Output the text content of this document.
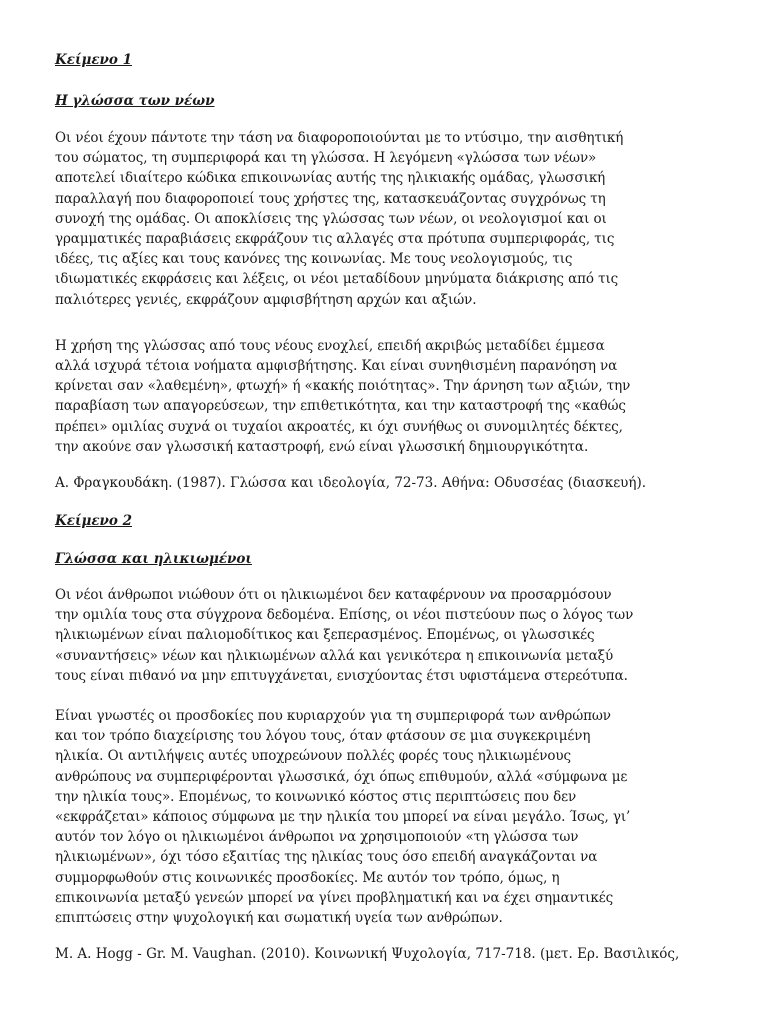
Κείμενο 1

Η γλώσσα των νέων

Οι νέοι έχουν πάντοτε την τάση να διαφοροποιούνται με το ντύσιμο, την αισθητική
του σώματος, τη συμπεριφορά και τη γλώσσα. Η λεγόμενη «γλώσσα των νέων»
αποτελεί ιδιαίτερο κώδικα επικοινωνίας αυτής της ηλικιακής ομάδας, γλωσσική
παραλλαγή που διαφοροποιεί τους χρήστες της, κατασκευάζοντας συγχρόνως τη
συνοχή της ομάδας. Οι αποκλίσεις της γλώσσας των νέων, οι νεολογισμοί και οι
γραμματικές παραβιάσεις εκφράζουν τις αλλαγές στα πρότυπα συμπεριφοράς, τις
ιδέες, τις αξίες και τους κανόνες της κοινωνίας. Με τους νεολογισμούς, τις
ιδιωματικές εκφράσεις και λέξεις, οι νέοι μεταδίδουν μηνύματα διάκρισης από τις
παλιότερες γενιές, εκφράζουν αμφισβήτηση αρχών και αξιών.

Η χρήση της γλώσσας από τους νέους ενοχλεί, επειδή ακριβώς μεταδίδει έμμεσα
αλλά ισχυρά τέτοια νοήματα αμφισβήτησης. Και είναι συνηθισμένη παρανόηση να
κρίνεται σαν «λαθεμένη», φτωχή» ή «κακής ποιότητας». Την άρνηση των αξιών, την
παραβίαση των απαγορεύσεων, την επιθετικότητα, και την καταστροφή της «καθώς
πρέπει» ομιλίας συχνά οι τυχαίοι ακροατές, κι όχι συνήθως οι συνομιλητές δέκτες,
την ακούνε σαν γλωσσική καταστροφή, ενώ είναι γλωσσική δημιουργικότητα.

Α. Φραγκουδάκη. (1987). Γλώσσα και ιδεολογία, 72-73. Αθήνα: Οδυσσέας (διασκευή).

Κείμενο 2

Γλώσσα και ηλικιωμένοι

Οι νέοι άνθρωποι νιώθουν ότι οι ηλικιωμένοι δεν καταφέρνουν να προσαρμόσουν
την ομιλία τους στα σύγχρονα δεδομένα. Επίσης, οι νέοι πιστεύουν πως ο λόγος των
ηλικιωμένων είναι παλιομοδίτικος και ξεπερασμένος. Επομένως, οι γλωσσικές
«συναντήσεις» νέων και ηλικιωμένων αλλά και γενικότερα η επικοινωνία μεταξύ
τους είναι πιθανό να μην επιτυγχάνεται, ενισχύοντας έτσι υφιστάμενα στερεότυπα.

Είναι γνωστές οι προσδοκίες που κυριαρχούν για τη συμπεριφορά των ανθρώπων
και τον τρόπο διαχείρισης του λόγου τους, όταν φτάσουν σε μια συγκεκριμένη
ηλικία. Οι αντιλήψεις αυτές υποχρεώνουν πολλές φορές τους ηλικιωμένους
ανθρώπους να συμπεριφέρονται γλωσσικά, όχι όπως επιθυμούν, αλλά «σύμφωνα με
την ηλικία τους». Επομένως, το κοινωνικό κόστος στις περιπτώσεις που δεν
«εκφράζεται» κάποιος σύμφωνα με την ηλικία του μπορεί να είναι μεγάλο. Ίσως, γι’
αυτόν τον λόγο οι ηλικιωμένοι άνθρωποι να χρησιμοποιούν «τη γλώσσα των
ηλικιωμένων», όχι τόσο εξαιτίας της ηλικίας τους όσο επειδή αναγκάζονται να
συμμορφωθούν στις κοινωνικές προσδοκίες. Με αυτόν τον τρόπο, όμως, η
επικοινωνία μεταξύ γενεών μπορεί να γίνει προβληματική και να έχει σημαντικές
επιπτώσεις στην ψυχολογική και σωματική υγεία των ανθρώπων.

M. A. Hogg - Gr. M. Vaughan. (2010). Κοινωνική Ψυχολογία, 717-718. (μετ. Ερ. Βασιλικός,
